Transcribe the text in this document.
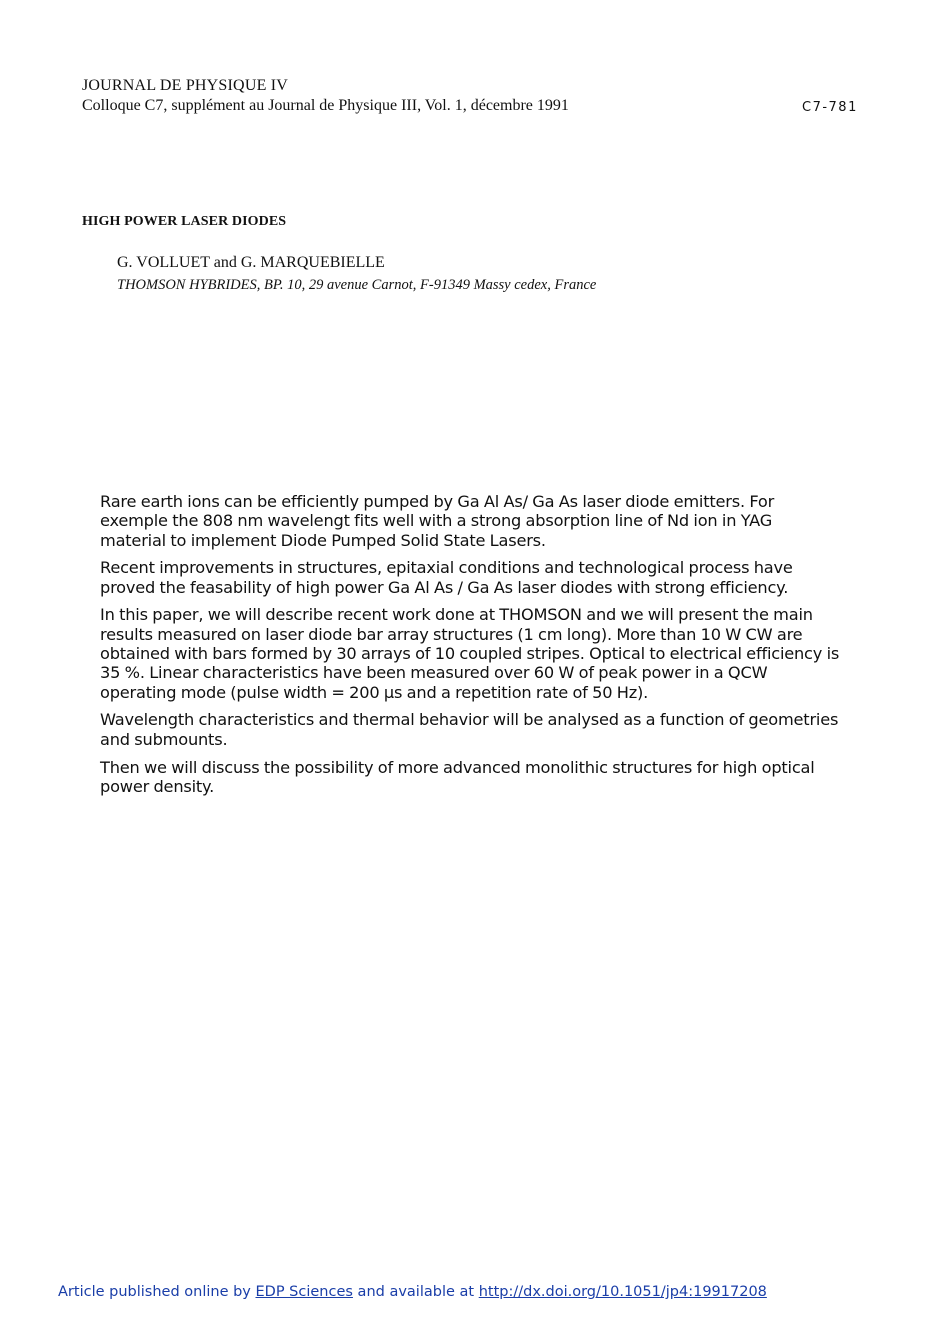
JOURNAL DE PHYSIQUE IV
Colloque C7, supplément au Journal de Physique III, Vol. 1, décembre 1991	C7-781
HIGH POWER LASER DIODES
G. VOLLUET and G. MARQUEBIELLE
THOMSON HYBRIDES, BP. 10, 29 avenue Carnot, F-91349 Massy cedex, France

Rare earth ions can be efficiently pumped by Ga Al As/ Ga As laser diode emitters. For exemple the 808 nm wavelengt fits well with a strong absorption line of Nd ion in YAG material to implement Diode Pumped Solid State Lasers.

Recent improvements in structures, epitaxial conditions and technological process have proved the feasability of high power Ga Al As / Ga As laser diodes with strong efficiency.

In this paper, we will describe recent work done at THOMSON and we will present the main results measured on laser diode bar array structures (1 cm long). More than 10 W CW are obtained with bars formed by 30 arrays of 10 coupled stripes. Optical to electrical efficiency is 35 %. Linear characteristics have been measured over 60 W of peak power in a QCW operating mode (pulse width = 200 µs and a repetition rate of 50 Hz).

Wavelength characteristics and thermal behavior will be analysed as a function of geometries and submounts.

Then we will discuss the possibility of more advanced monolithic structures for high optical power density.

Article published online by EDP Sciences and available at http://dx.doi.org/10.1051/jp4:19917208
